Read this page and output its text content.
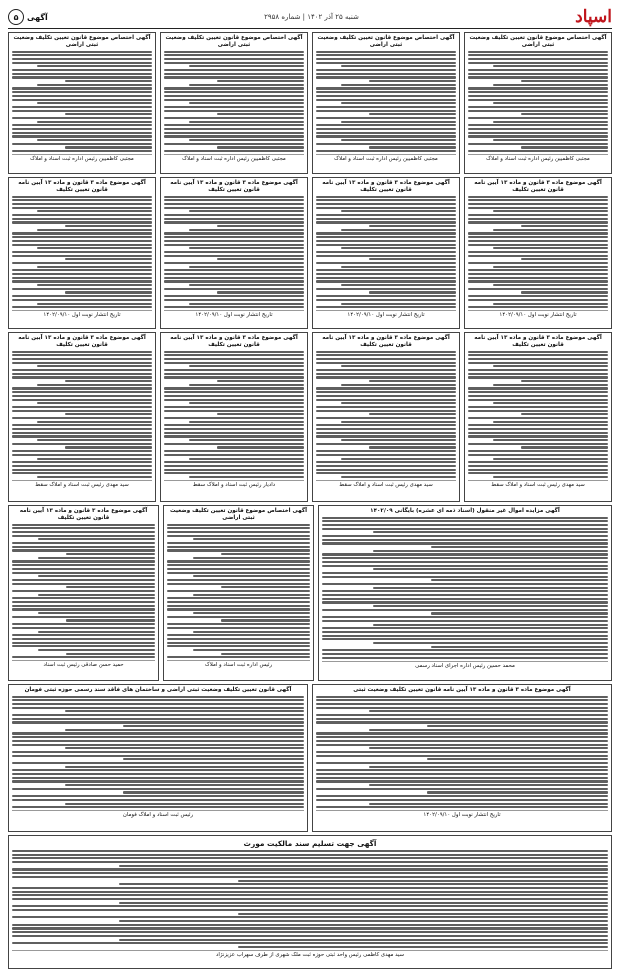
اسپاد
شنبه ۲۵ آذر ۱۴۰۲ | شماره ۲۹۵۸
آگهی
۵
آگهی اختصاص موضوع قانون تعیین تکلیف وضعیت ثبتی اراضی
مجتبی کاظمیین رئیس اداره ثبت اسناد و املاک
آگهی اختصاص موضوع قانون تعیین تکلیف وضعیت ثبتی اراضی
مجتبی کاظمیین رئیس اداره ثبت اسناد و املاک
آگهی اختصاص موضوع قانون تعیین تکلیف وضعیت ثبتی اراضی
مجتبی کاظمیین رئیس اداره ثبت اسناد و املاک
آگهی اختصاص موضوع قانون تعیین تکلیف وضعیت ثبتی اراضی
مجتبی کاظمیین رئیس اداره ثبت اسناد و املاک
آگهی موضوع ماده ۳ قانون و ماده ۱۳ آیین نامه قانون تعیین تکلیف
تاریخ انتشار نوبت اول ۱۴۰۲/۰۹/۱۰
آگهی موضوع ماده ۳ قانون و ماده ۱۳ آیین نامه قانون تعیین تکلیف
تاریخ انتشار نوبت اول ۱۴۰۲/۰۹/۱۰
آگهی موضوع ماده ۳ قانون و ماده ۱۳ آیین نامه قانون تعیین تکلیف
تاریخ انتشار نوبت اول ۱۴۰۲/۰۹/۱۰
آگهی موضوع ماده ۳ قانون و ماده ۱۳ آیین نامه قانون تعیین تکلیف
تاریخ انتشار نوبت اول ۱۴۰۲/۰۹/۱۰
آگهی موضوع ماده ۳ قانون و ماده ۱۳ آیین نامه قانون تعیین تکلیف
سید مهدی رئیس ثبت اسناد و املاک سقط
آگهی موضوع ماده ۳ قانون و ماده ۱۳ آیین نامه قانون تعیین تکلیف
سید مهدی رئیس ثبت اسناد و املاک سقط
آگهی موضوع ماده ۳ قانون و ماده ۱۳ آیین نامه قانون تعیین تکلیف
دادیار رئیس ثبت اسناد و املاک سقط
آگهی موضوع ماده ۳ قانون و ماده ۱۳ آیین نامه قانون تعیین تکلیف
سید مهدی رئیس ثبت اسناد و املاک سقط
آگهی مزایده اموال غیر منقول (اسناد ذمه ای عشره) بایگانی ۱۴۰۲/۰۹
محمد حسین رئیس اداره اجرای اسناد رسمی
آگهی اختصاص موضوع قانون تعیین تکلیف وضعیت ثبتی اراضی
رئیس اداره ثبت اسناد و املاک
آگهی موضوع ماده ۳ قانون و ماده ۱۳ آیین نامه قانون تعیین تکلیف
حمید حسن صادقی رئیس ثبت اسناد
آگهی موضوع ماده ۳ قانون و ماده ۱۳ آیین نامه قانون تعیین تکلیف وضعیت ثبتی
تاریخ انتشار نوبت اول ۱۴۰۲/۰۹/۱۰
آگهی قانون تعیین تکلیف وضعیت ثبتی اراضی و ساختمان های فاقد سند رسمی حوزه ثبتی فومان
رئیس ثبت اسناد و املاک فومان
آگهی جهت تسلیم سند مالکیت مورث
سید مهدی کاظمی رئیس واحد ثبتی حوزه ثبت ملک شهری از طرف سهراب عزیزنژاد
